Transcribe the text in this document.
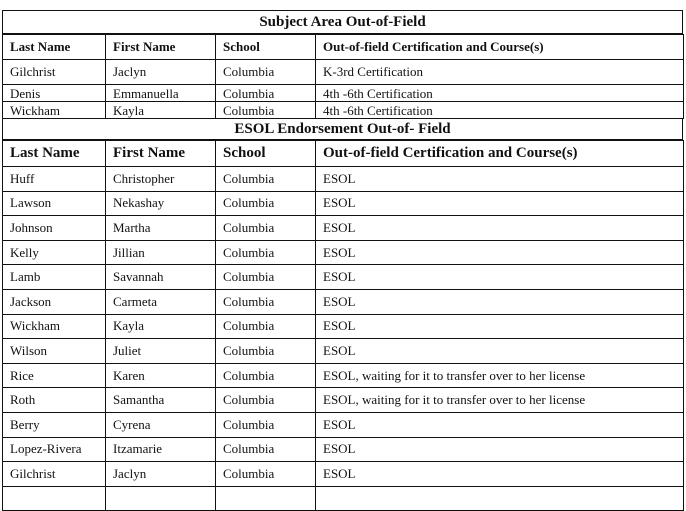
Subject Area Out-of-Field
Last Name	First Name	School	Out-of-field Certification and Course(s)
Gilchrist	Jaclyn	Columbia	K-3rd Certification
Denis	Emmanuella	Columbia	4th -6th Certification
Wickham	Kayla	Columbia	4th -6th Certification
ESOL Endorsement Out-of- Field
Last Name	First Name	School	Out-of-field Certification and Course(s)
Huff	Christopher	Columbia	ESOL
Lawson	Nekashay	Columbia	ESOL
Johnson	Martha	Columbia	ESOL
Kelly	Jillian	Columbia	ESOL
Lamb	Savannah	Columbia	ESOL
Jackson	Carmeta	Columbia	ESOL
Wickham	Kayla	Columbia	ESOL
Wilson	Juliet	Columbia	ESOL
Rice	Karen	Columbia	ESOL, waiting for it to transfer over to her license
Roth	Samantha	Columbia	ESOL, waiting for it to transfer over to her license
Berry	Cyrena	Columbia	ESOL
Lopez-Rivera	Itzamarie	Columbia	ESOL
Gilchrist	Jaclyn	Columbia	ESOL
